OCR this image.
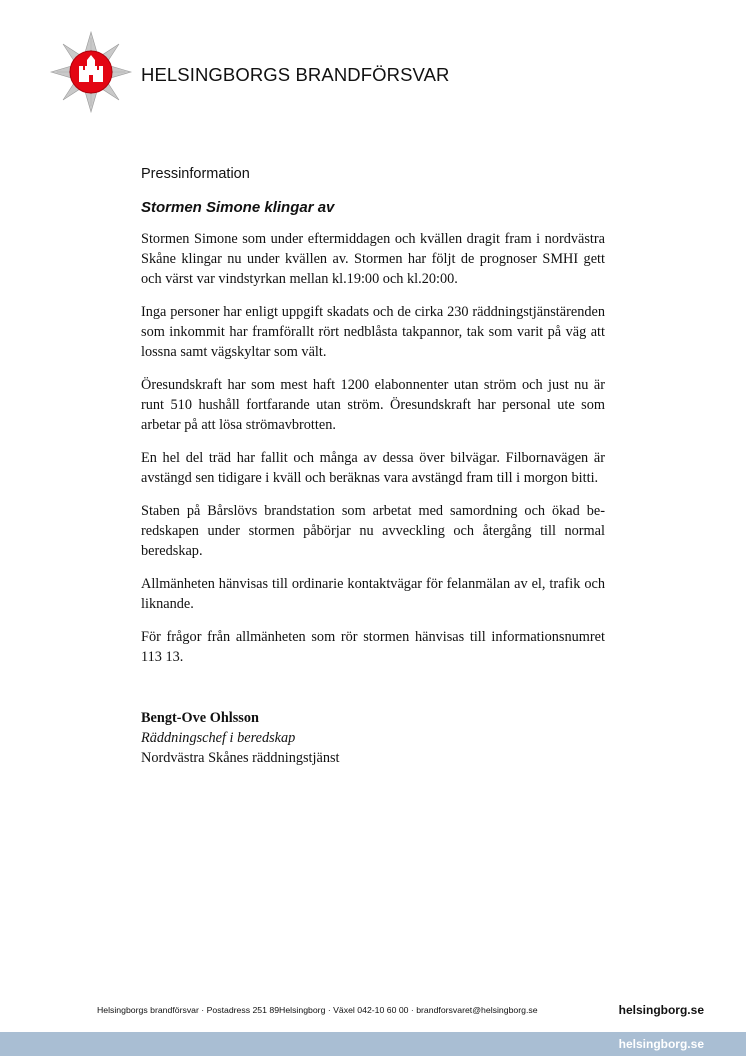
HELSINGBORGS BRANDFÖRSVAR
Pressinformation
Stormen Simone klingar av

Stormen Simone som under eftermiddagen och kvällen dragit fram i nordvästra Skåne klingar nu under kvällen av. Stormen har följt de prognoser SMHI gett och värst var vindstyrkan mellan kl.19:00 och kl.20:00.

Inga personer har enligt uppgift skadats och de cirka 230 räddningstjänstärenden som inkommit har framförallt rört nedblåsta takpannor, tak som varit på väg att lossna samt vägskyltar som vält.

Öresundskraft har som mest haft 1200 elabonnenter utan ström och just nu är runt 510 hushåll fortfarande utan ström. Öresundskraft har personal ute som arbetar på att lösa strömavbrotten.

En hel del träd har fallit och många av dessa över bilvägar. Filbornavägen är avstängd sen tidigare i kväll och beräknas vara avstängd fram till i morgon bitti.

Staben på Bårslövs brandstation som arbetat med samordning och ökad beredskapen under stormen påbörjar nu avveckling och återgång till normal beredskap.

Allmänheten hänvisas till ordinarie kontaktvägar för felanmälan av el, trafik och liknande.

För frågor från allmänheten som rör stormen hänvisas till informationsnumret 113 13.

Bengt-Ove Ohlsson
Räddningschef i beredskap
Nordvästra Skånes räddningstjänst
Helsingborgs brandförsvar · Postadress 251 89Helsingborg · Växel 042-10 60 00 · brandforsvaret@helsingborg.se	helsingborg.se
helsingborg.se
